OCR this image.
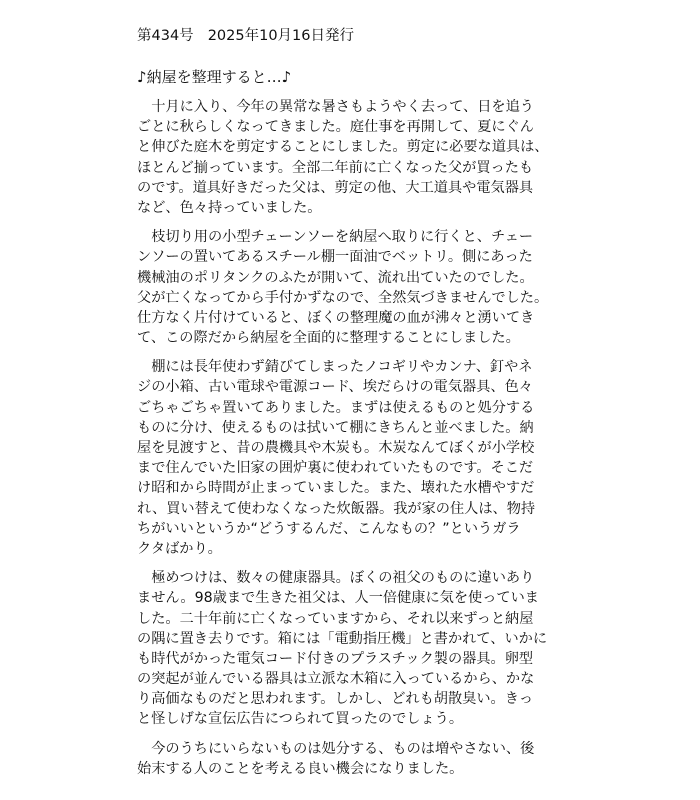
第434号 2025年10月16日発行
♪納屋を整理すると…♪
　十月に入り、今年の異常な暑さもようやく去って、日を追う
ごとに秋らしくなってきました。庭仕事を再開して、夏にぐん
と伸びた庭木を剪定することにしました。剪定に必要な道具は、
ほとんど揃っています。全部二年前に亡くなった父が買ったも
のです。道具好きだった父は、剪定の他、大工道具や電気器具
など、色々持っていました。
　枝切り用の小型チェーンソーを納屋へ取りに行くと、チェー
ンソーの置いてあるスチール棚一面油でベットリ。側にあった
機械油のポリタンクのふたが開いて、流れ出ていたのでした。
父が亡くなってから手付かずなので、全然気づきませんでした。
仕方なく片付けていると、ぼくの整理魔の血が沸々と湧いてき
て、この際だから納屋を全面的に整理することにしました。
　棚には長年使わず錆びてしまったノコギリやカンナ、釘やネ
ジの小箱、古い電球や電源コード、埃だらけの電気器具、色々
ごちゃごちゃ置いてありました。まずは使えるものと処分する
ものに分け、使えるものは拭いて棚にきちんと並べました。納
屋を見渡すと、昔の農機具や木炭も。木炭なんてぼくが小学校
まで住んでいた旧家の囲炉裏に使われていたものです。そこだ
け昭和から時間が止まっていました。また、壊れた水槽やすだ
れ、買い替えて使わなくなった炊飯器。我が家の住人は、物持
ちがいいというか“どうするんだ、こんなもの？”というガラ
クタばかり。
　極めつけは、数々の健康器具。ぼくの祖父のものに違いあり
ません。98歳まで生きた祖父は、人一倍健康に気を使っていま
した。二十年前に亡くなっていますから、それ以来ずっと納屋
の隅に置き去りです。箱には「電動指圧機」と書かれて、いかに
も時代がかった電気コード付きのプラスチック製の器具。卵型
の突起が並んでいる器具は立派な木箱に入っているから、かな
り高価なものだと思われます。しかし、どれも胡散臭い。きっ
と怪しげな宣伝広告につられて買ったのでしょう。
　今のうちにいらないものは処分する、ものは増やさない、後
始末する人のことを考える良い機会になりました。
